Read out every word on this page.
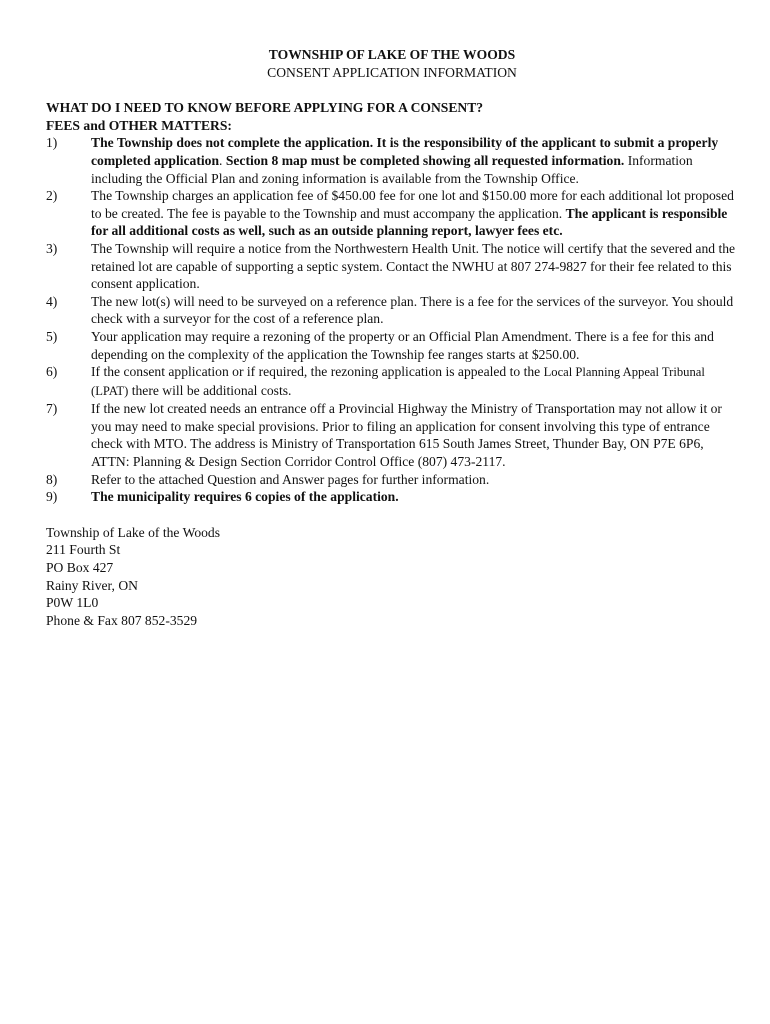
TOWNSHIP OF LAKE OF THE WOODS

CONSENT APPLICATION INFORMATION

WHAT DO I NEED TO KNOW BEFORE APPLYING FOR A CONSENT?

FEES and OTHER MATTERS:

1)	The Township does not complete the application. It is the responsibility of the applicant to submit a properly completed application. Section 8 map must be completed showing all requested information. Information including the Official Plan and zoning information is available from the Township Office.
2)	The Township charges an application fee of $450.00 fee for one lot and $150.00 more for each additional lot proposed to be created. The fee is payable to the Township and must accompany the application. The applicant is responsible for all additional costs as well, such as an outside planning report, lawyer fees etc.
3)	The Township will require a notice from the Northwestern Health Unit. The notice will certify that the severed and the retained lot are capable of supporting a septic system. Contact the NWHU at 807 274-9827 for their fee related to this consent application.
4)	The new lot(s) will need to be surveyed on a reference plan. There is a fee for the services of the surveyor. You should check with a surveyor for the cost of a reference plan.
5)	Your application may require a rezoning of the property or an Official Plan Amendment. There is a fee for this and depending on the complexity of the application the Township fee ranges starts at $250.00.
6)	If the consent application or if required, the rezoning application is appealed to the Local Planning Appeal Tribunal (LPAT) there will be additional costs.
7)	If the new lot created needs an entrance off a Provincial Highway the Ministry of Transportation may not allow it or you may need to make special provisions. Prior to filing an application for consent involving this type of entrance check with MTO. The address is Ministry of Transportation 615 South James Street, Thunder Bay, ON P7E 6P6, ATTN: Planning & Design Section Corridor Control Office (807) 473-2117.
8)	Refer to the attached Question and Answer pages for further information.
9)	The municipality requires 6 copies of the application.
Township of Lake of the Woods
211 Fourth St
PO Box 427
Rainy River, ON
P0W 1L0
Phone & Fax 807 852-3529
